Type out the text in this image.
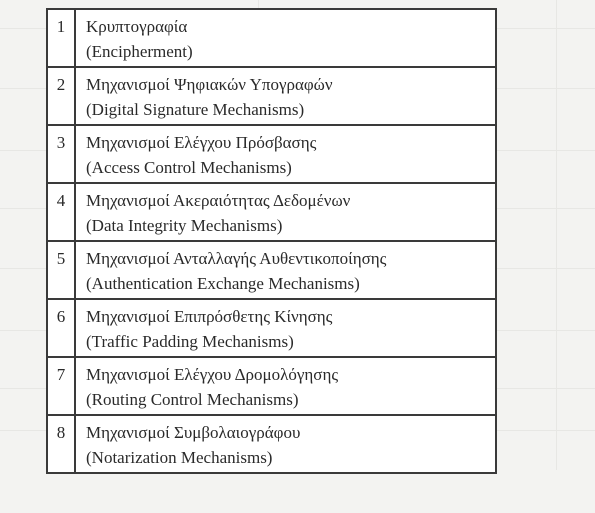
1	Κρυπτογραφία
(Encipherment)

2	Μηχανισμοί Ψηφιακών Υπογραφών
(Digital Signature Mechanisms)

3	Μηχανισμοί Ελέγχου Πρόσβασης
(Access Control Mechanisms)

4	Μηχανισμοί Ακεραιότητας Δεδομένων
(Data Integrity Mechanisms)

5	Μηχανισμοί Ανταλλαγής Αυθεντικοποίησης
(Authentication Exchange Mechanisms)

6	Μηχανισμοί Επιπρόσθετης Κίνησης
(Traffic Padding Mechanisms)

7	Μηχανισμοί Ελέγχου Δρομολόγησης
(Routing Control Mechanisms)

8	Μηχανισμοί Συμβολαιογράφου
(Notarization Mechanisms)
